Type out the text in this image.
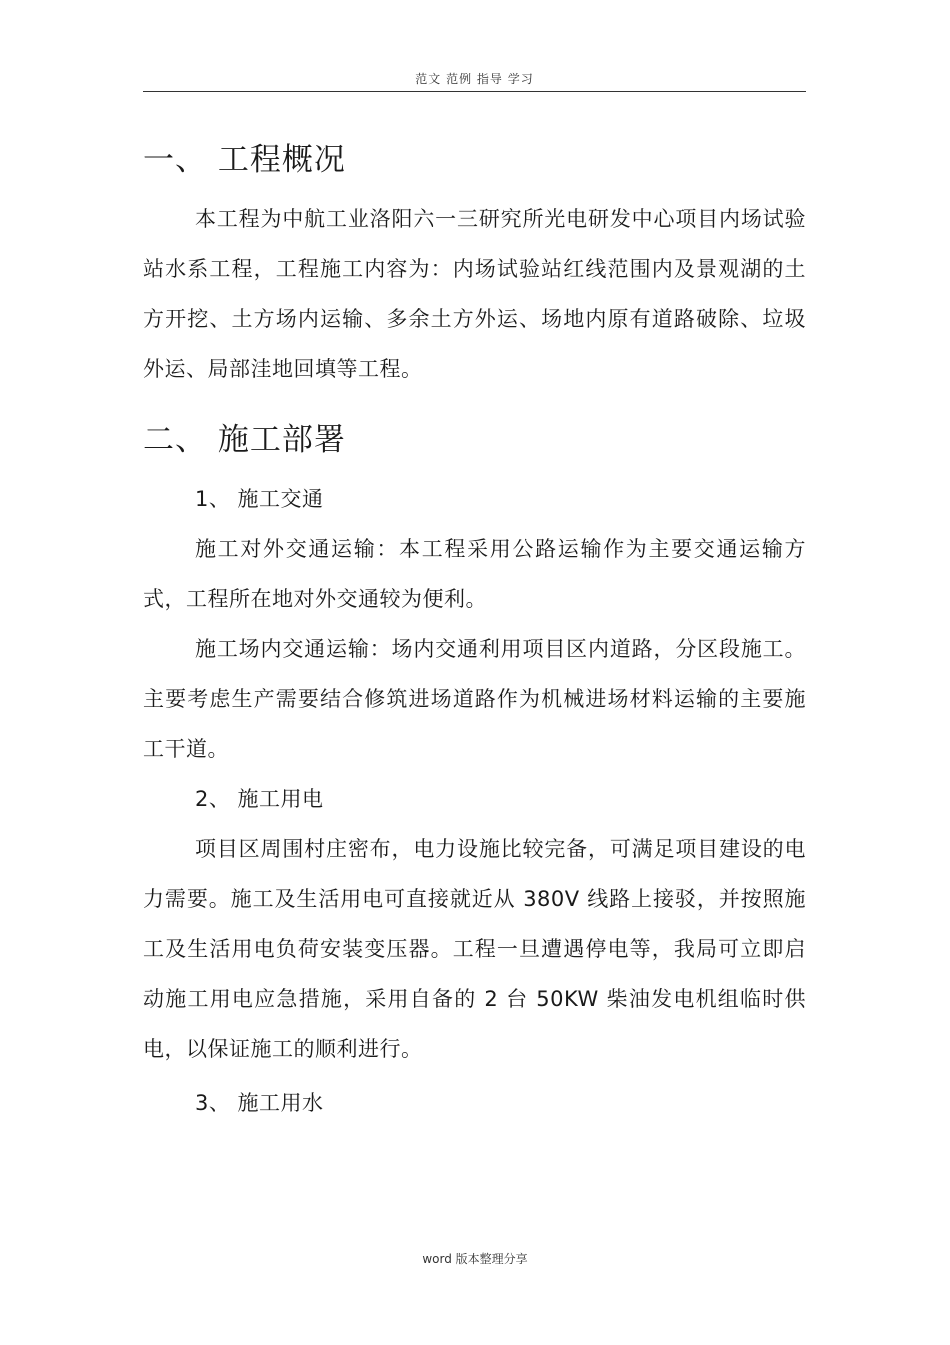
范文 范例 指导 学习
一、 工程概况

本工程为中航工业洛阳六一三研究所光电研发中心项目内场试验站水系工程，工程施工内容为：内场试验站红线范围内及景观湖的土方开挖、土方场内运输、多余土方外运、场地内原有道路破除、垃圾外运、局部洼地回填等工程。

二、 施工部署

1、 施工交通

施工对外交通运输：本工程采用公路运输作为主要交通运输方式，工程所在地对外交通较为便利。

施工场内交通运输：场内交通利用项目区内道路，分区段施工。主要考虑生产需要结合修筑进场道路作为机械进场材料运输的主要施工干道。

2、 施工用电

项目区周围村庄密布，电力设施比较完备，可满足项目建设的电力需要。施工及生活用电可直接就近从 380V 线路上接驳，并按照施工及生活用电负荷安装变压器。工程一旦遭遇停电等，我局可立即启动施工用电应急措施，采用自备的 2 台 50KW 柴油发电机组临时供电，以保证施工的顺利进行。

3、 施工用水

word 版本整理分享
